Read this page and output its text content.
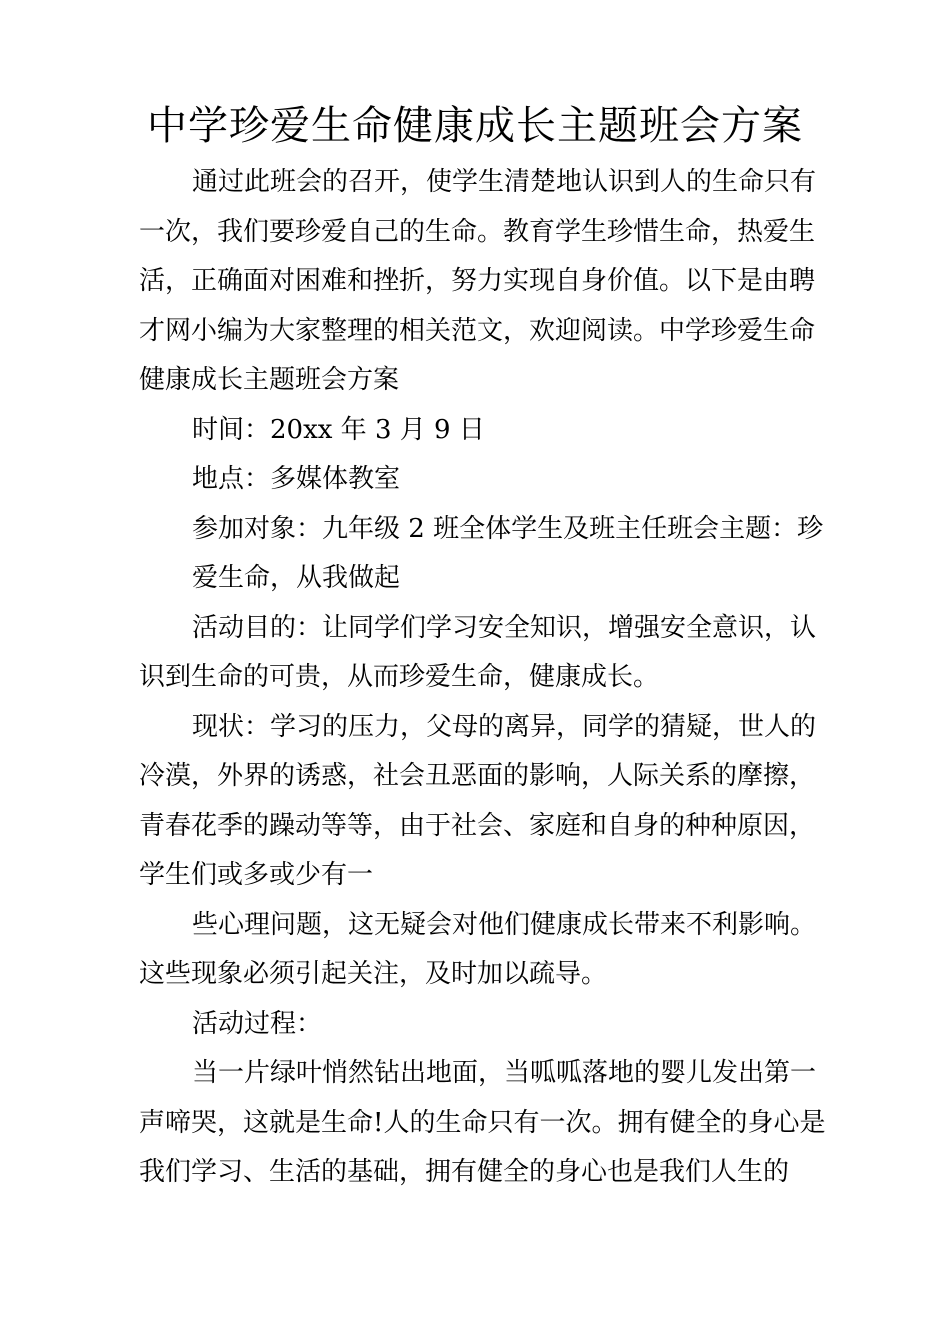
中学珍爱生命健康成长主题班会方案
通过此班会的召开，使学生清楚地认识到人的生命只有
一次，我们要珍爱自己的生命。教育学生珍惜生命，热爱生
活，正确面对困难和挫折，努力实现自身价值。以下是由聘
才网小编为大家整理的相关范文，欢迎阅读。中学珍爱生命
健康成长主题班会方案
时间：20xx 年 3 月 9 日
地点：多媒体教室
参加对象：九年级 2 班全体学生及班主任班会主题：珍
爱生命，从我做起
活动目的：让同学们学习安全知识，增强安全意识，认
识到生命的可贵，从而珍爱生命，健康成长。
现状：学习的压力，父母的离异，同学的猜疑，世人的
冷漠，外界的诱惑，社会丑恶面的影响，人际关系的摩擦，
青春花季的躁动等等，由于社会、家庭和自身的种种原因，
学生们或多或少有一
些心理问题，这无疑会对他们健康成长带来不利影响。
这些现象必须引起关注，及时加以疏导。
活动过程：
当一片绿叶悄然钻出地面，当呱呱落地的婴儿发出第一
声啼哭，这就是生命!人的生命只有一次。拥有健全的身心是
我们学习、生活的基础，拥有健全的身心也是我们人生的
